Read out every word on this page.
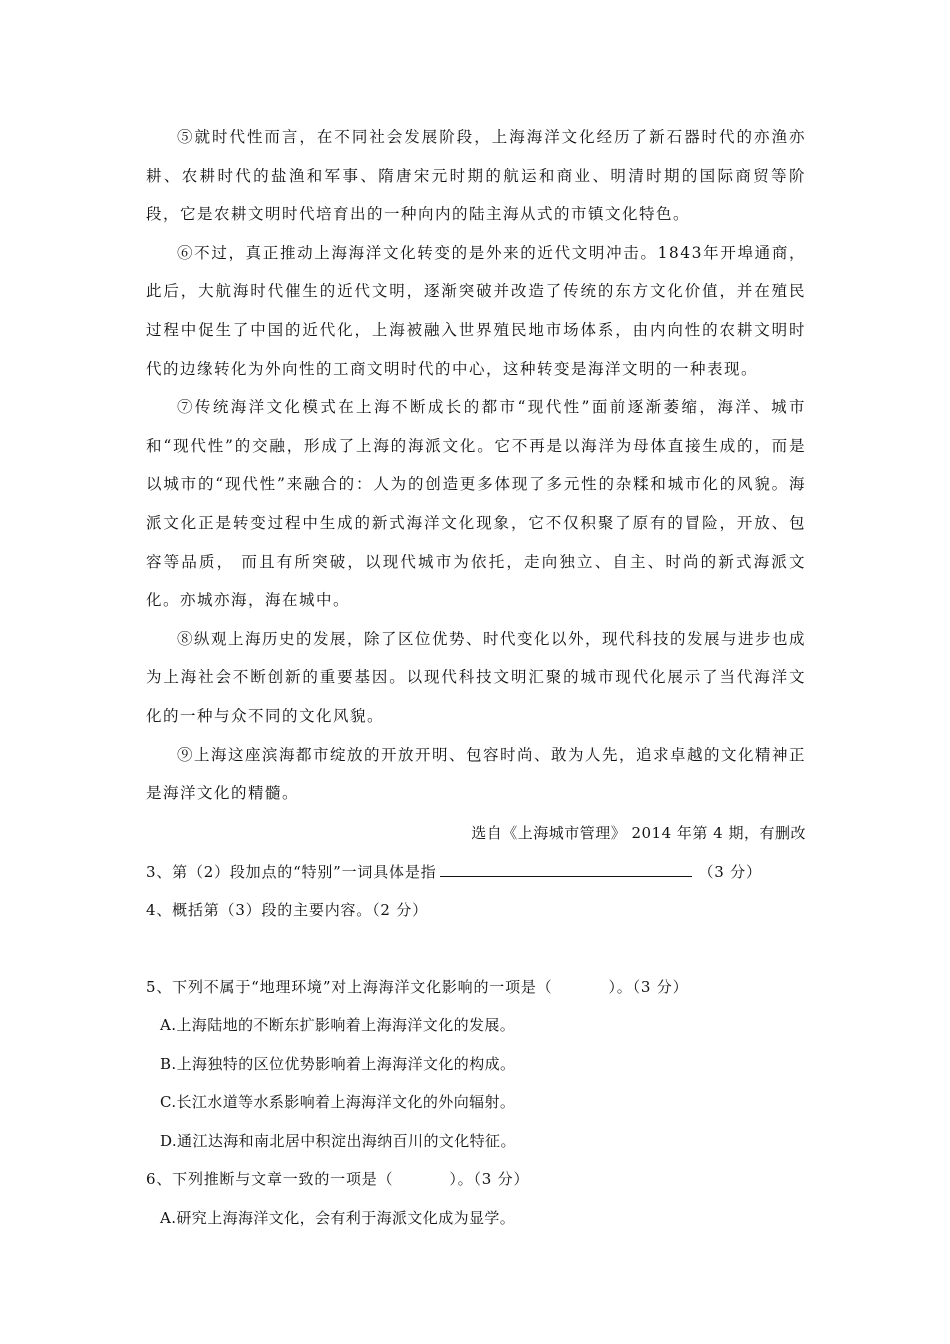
⑤就时代性而言，在不同社会发展阶段，上海海洋文化经历了新石器时代的亦渔亦耕、农耕时代的盐渔和军事、隋唐宋元时期的航运和商业、明清时期的国际商贸等阶段，它是农耕文明时代培育出的一种向内的陆主海从式的市镇文化特色。

⑥不过，真正推动上海海洋文化转变的是外来的近代文明冲击。1843年开埠通商，此后，大航海时代催生的近代文明，逐渐突破并改造了传统的东方文化价值，并在殖民过程中促生了中国的近代化，上海被融入世界殖民地市场体系，由内向性的农耕文明时代的边缘转化为外向性的工商文明时代的中心，这种转变是海洋文明的一种表现。

⑦传统海洋文化模式在上海不断成长的都市“现代性”面前逐渐萎缩，海洋、城市和“现代性”的交融，形成了上海的海派文化。它不再是以海洋为母体直接生成的，而是以城市的“现代性”来融合的：人为的创造更多体现了多元性的杂糅和城市化的风貌。海派文化正是转变过程中生成的新式海洋文化现象，它不仅积聚了原有的冒险，开放、包容等品质， 而且有所突破，以现代城市为依托，走向独立、自主、时尚的新式海派文化。亦城亦海，海在城中。

⑧纵观上海历史的发展，除了区位优势、时代变化以外，现代科技的发展与进步也成为上海社会不断创新的重要基因。以现代科技文明汇聚的城市现代化展示了当代海洋文化的一种与众不同的文化风貌。

⑨上海这座滨海都市绽放的开放开明、包容时尚、敢为人先，追求卓越的文化精神正是海洋文化的精髓。

选自《上海城市管理》 2014 年第 4 期，有删改

3、第（2）段加点的“特别”一词具体是指	（3 分）

4、概括第（3）段的主要内容。（2 分）

5、下列不属于“地理环境”对上海海洋文化影响的一项是（	）。（3 分）

A.上海陆地的不断东扩影响着上海海洋文化的发展。

B.上海独特的区位优势影响着上海海洋文化的构成。

C.长江水道等水系影响着上海海洋文化的外向辐射。

D.通江达海和南北居中积淀出海纳百川的文化特征。

6、下列推断与文章一致的一项是（	）。（3 分）

A.研究上海海洋文化，会有利于海派文化成为显学。
